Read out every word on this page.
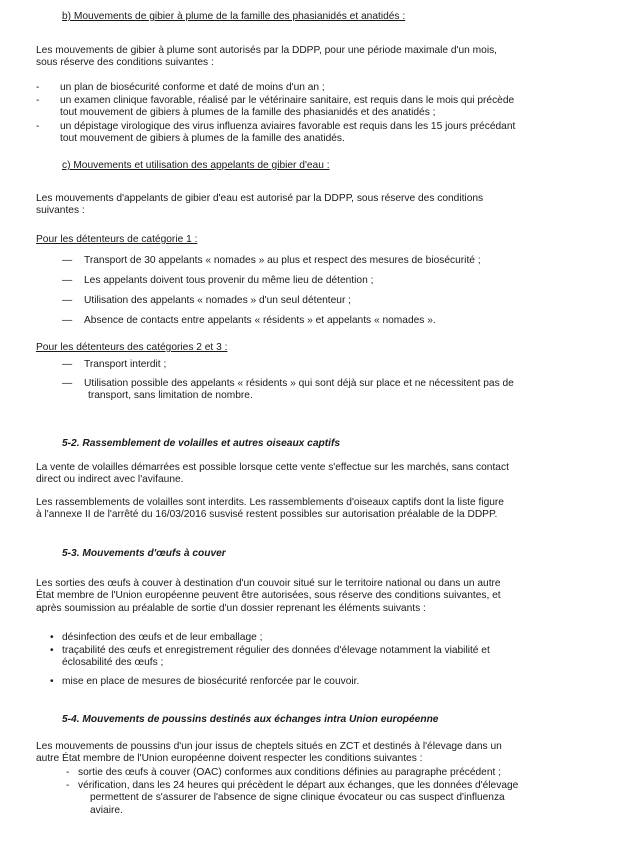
b) Mouvements de gibier à plume de la famille des phasianidés et anatidés :
Les mouvements de gibier à plume sont autorisés par la DDPP, pour une période maximale d'un mois,
sous réserve des conditions suivantes :
- un plan de biosécurité conforme et daté de moins d'un an ;
- un examen clinique favorable, réalisé par le vétérinaire sanitaire, est requis dans le mois qui précède
tout mouvement de gibiers à plumes de la famille des phasianidés et des anatidés ;
- un dépistage virologique des virus influenza aviaires favorable est requis dans les 15 jours précédant
tout mouvement de gibiers à plumes de la famille des anatidés.
c) Mouvements et utilisation des appelants de gibier d'eau :
Les mouvements d'appelants de gibier d'eau est autorisé par la DDPP, sous réserve des conditions
suivantes :
Pour les détenteurs de catégorie 1 :
— Transport de 30 appelants « nomades » au plus et respect des mesures de biosécurité ;
— Les appelants doivent tous provenir du même lieu de détention ;
— Utilisation des appelants « nomades » d'un seul détenteur ;
— Absence de contacts entre appelants « résidents » et appelants « nomades ».
Pour les détenteurs des catégories 2 et 3 :
— Transport interdit ;
— Utilisation possible des appelants « résidents » qui sont déjà sur place et ne nécessitent pas de
transport, sans limitation de nombre.
5-2. Rassemblement de volailles et autres oiseaux captifs
La vente de volailles démarrées est possible lorsque cette vente s'effectue sur les marchés, sans contact
direct ou indirect avec l'avifaune.
Les rassemblements de volailles sont interdits. Les rassemblements d'oiseaux captifs dont la liste figure
à l'annexe II de l'arrêté du 16/03/2016 susvisé restent possibles sur autorisation préalable de la DDPP.
5-3. Mouvements d'œufs à couver
Les sorties des œufs à couver à destination d'un couvoir situé sur le territoire national ou dans un autre
État membre de l'Union européenne peuvent être autorisées, sous réserve des conditions suivantes, et
après soumission au préalable de sortie d'un dossier reprenant les éléments suivants :
• désinfection des œufs et de leur emballage ;
• traçabilité des œufs et enregistrement régulier des données d'élevage notamment la viabilité et
éclosabilité des œufs ;
• mise en place de mesures de biosécurité renforcée par le couvoir.
5-4. Mouvements de poussins destinés aux échanges intra Union européenne
Les mouvements de poussins d'un jour issus de cheptels situés en ZCT et destinés à l'élevage dans un
autre État membre de l'Union européenne doivent respecter les conditions suivantes :
- sortie des œufs à couver (OAC) conformes aux conditions définies au paragraphe précédent ;
- vérification, dans les 24 heures qui précèdent le départ aux échanges, que les données d'élevage
permettent de s'assurer de l'absence de signe clinique évocateur ou cas suspect d'influenza
aviaire.
